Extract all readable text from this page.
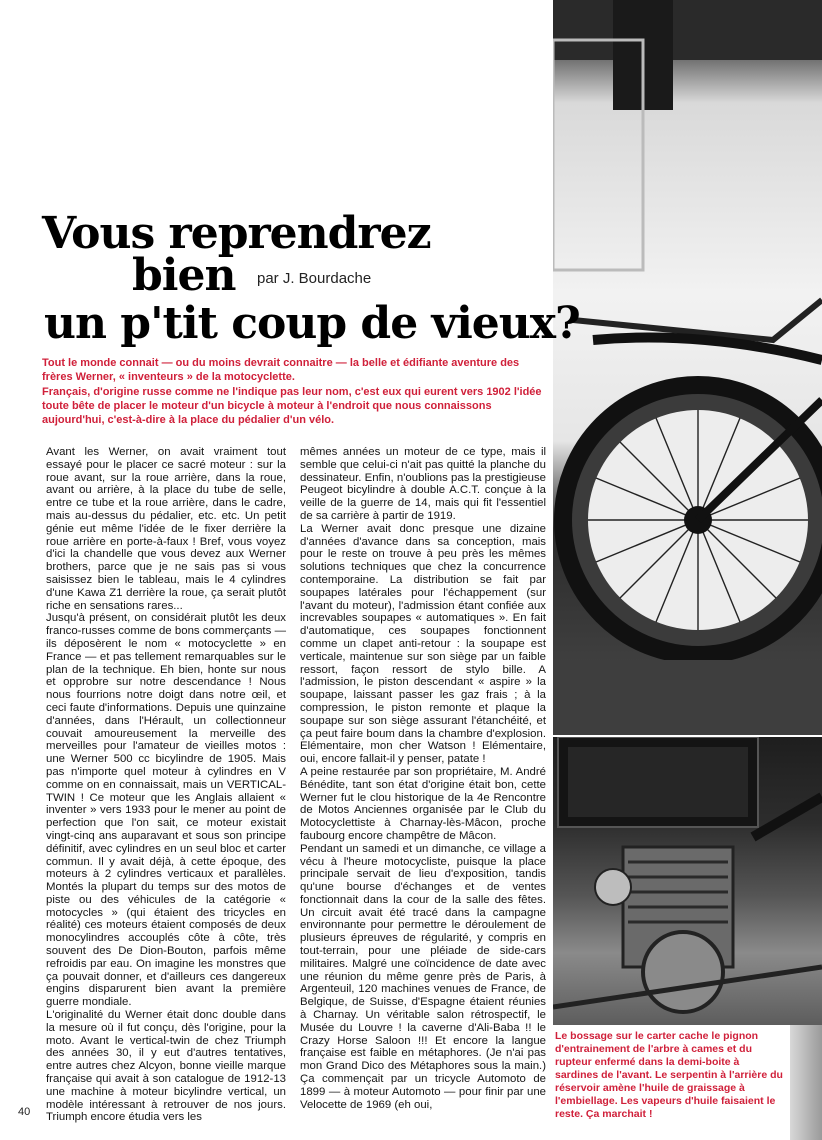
Vous reprendrez
bien par J. Bourdache
un p'tit coup de vieux?

Tout le monde connait — ou du moins devrait connaitre — la belle et édifiante aventure des frères Werner, « inventeurs » de la motocyclette.

Français, d'origine russe comme ne l'indique pas leur nom, c'est eux qui eurent vers 1902 l'idée toute bête de placer le moteur d'un bicycle à moteur à l'endroit que nous connaissons aujourd'hui, c'est-à-dire à la place du pédalier d'un vélo.

Avant les Werner, on avait vraiment tout essayé pour le placer ce sacré moteur : sur la roue avant, sur la roue arrière, dans la roue, avant ou arrière, à la place du tube de selle, entre ce tube et la roue arrière, dans le cadre, mais au-dessus du pédalier, etc. etc. Un petit génie eut même l'idée de le fixer derrière la roue arrière en porte-à-faux ! Bref, vous voyez d'ici la chandelle que vous devez aux Werner brothers, parce que je ne sais pas si vous saisissez bien le tableau, mais le 4 cylindres d'une Kawa Z1 derrière la roue, ça serait plutôt riche en sensations rares...

Jusqu'à présent, on considérait plutôt les deux franco-russes comme de bons commerçants — ils déposèrent le nom « motocyclette » en France — et pas tellement remarquables sur le plan de la technique. Eh bien, honte sur nous et opprobre sur notre descendance ! Nous nous fourrions notre doigt dans notre œil, et ceci faute d'informations. Depuis une quinzaine d'années, dans l'Hérault, un collectionneur couvait amoureusement la merveille des merveilles pour l'amateur de vieilles motos : une Werner 500 cc bicylindre de 1905. Mais pas n'importe quel moteur à cylindres en V comme on en connaissait, mais un VERTICAL-TWIN ! Ce moteur que les Anglais allaient « inventer » vers 1933 pour le mener au point de perfection que l'on sait, ce moteur existait vingt-cinq ans auparavant et sous son principe définitif, avec cylindres en un seul bloc et carter commun. Il y avait déjà, à cette époque, des moteurs à 2 cylindres verticaux et parallèles. Montés la plupart du temps sur des motos de piste ou des véhicules de la catégorie « motocycles » (qui étaient des tricycles en réalité) ces moteurs étaient composés de deux monocylindres accouplés côte à côte, très souvent des De Dion-Bouton, parfois même refroidis par eau. On imagine les monstres que ça pouvait donner, et d'ailleurs ces dangereux engins disparurent bien avant la première guerre mondiale.

L'originalité du Werner était donc double dans la mesure où il fut conçu, dès l'origine, pour la moto. Avant le vertical-twin de chez Triumph des années 30, il y eut d'autres tentatives, entre autres chez Alcyon, bonne vieille marque française qui avait à son catalogue de 1912-13 une machine à moteur bicylindre vertical, un modèle intéressant à retrouver de nos jours. Triumph encore étudia vers les

mêmes années un moteur de ce type, mais il semble que celui-ci n'ait pas quitté la planche du dessinateur. Enfin, n'oublions pas la prestigieuse Peugeot bicylindre à double A.C.T. conçue à la veille de la guerre de 14, mais qui fit l'essentiel de sa carrière à partir de 1919.

La Werner avait donc presque une dizaine d'années d'avance dans sa conception, mais pour le reste on trouve à peu près les mêmes solutions techniques que chez la concurrence contemporaine. La distribution se fait par soupapes latérales pour l'échappement (sur l'avant du moteur), l'admission étant confiée aux increvables soupapes « automatiques ». En fait d'automatique, ces soupapes fonctionnent comme un clapet anti-retour : la soupape est verticale, maintenue sur son siège par un faible ressort, façon ressort de stylo bille. A l'admission, le piston descendant « aspire » la soupape, laissant passer les gaz frais ; à la compression, le piston remonte et plaque la soupape sur son siège assurant l'étanchéité, et ça peut faire boum dans la chambre d'explosion. Elémentaire, mon cher Watson ! Elémentaire, oui, encore fallait-il y penser, patate !

A peine restaurée par son propriétaire, M. André Bénédite, tant son état d'origine était bon, cette Werner fut le clou historique de la 4e Rencontre de Motos Anciennes organisée par le Club du Motocyclettiste à Charnay-lès-Mâcon, proche faubourg encore champêtre de Mâcon.

Pendant un samedi et un dimanche, ce village a vécu à l'heure motocycliste, puisque la place principale servait de lieu d'exposition, tandis qu'une bourse d'échanges et de ventes fonctionnait dans la cour de la salle des fêtes. Un circuit avait été tracé dans la campagne environnante pour permettre le déroulement de plusieurs épreuves de régularité, y compris en tout-terrain, pour une pléiade de side-cars militaires. Malgré une coïncidence de date avec une réunion du même genre près de Paris, à Argenteuil, 120 machines venues de France, de Belgique, de Suisse, d'Espagne étaient réunies à Charnay. Un véritable salon rétrospectif, le Musée du Louvre ! la caverne d'Ali-Baba !! le Crazy Horse Saloon !!! Et encore la langue française est faible en métaphores. (Je n'ai pas mon Grand Dico des Métaphores sous la main.) Ça commençait par un tricycle Automoto de 1899 — à moteur Automoto — pour finir par une Velocette de 1969 (eh oui,

Le bossage sur le carter cache le pignon d'entrainement de l'arbre à cames et du rupteur enfermé dans la demi-boite à sardines de l'avant. Le serpentin à l'arrière du réservoir amène l'huile de graissage à l'embiellage. Les vapeurs d'huile faisaient le reste. Ça marchait !
40
